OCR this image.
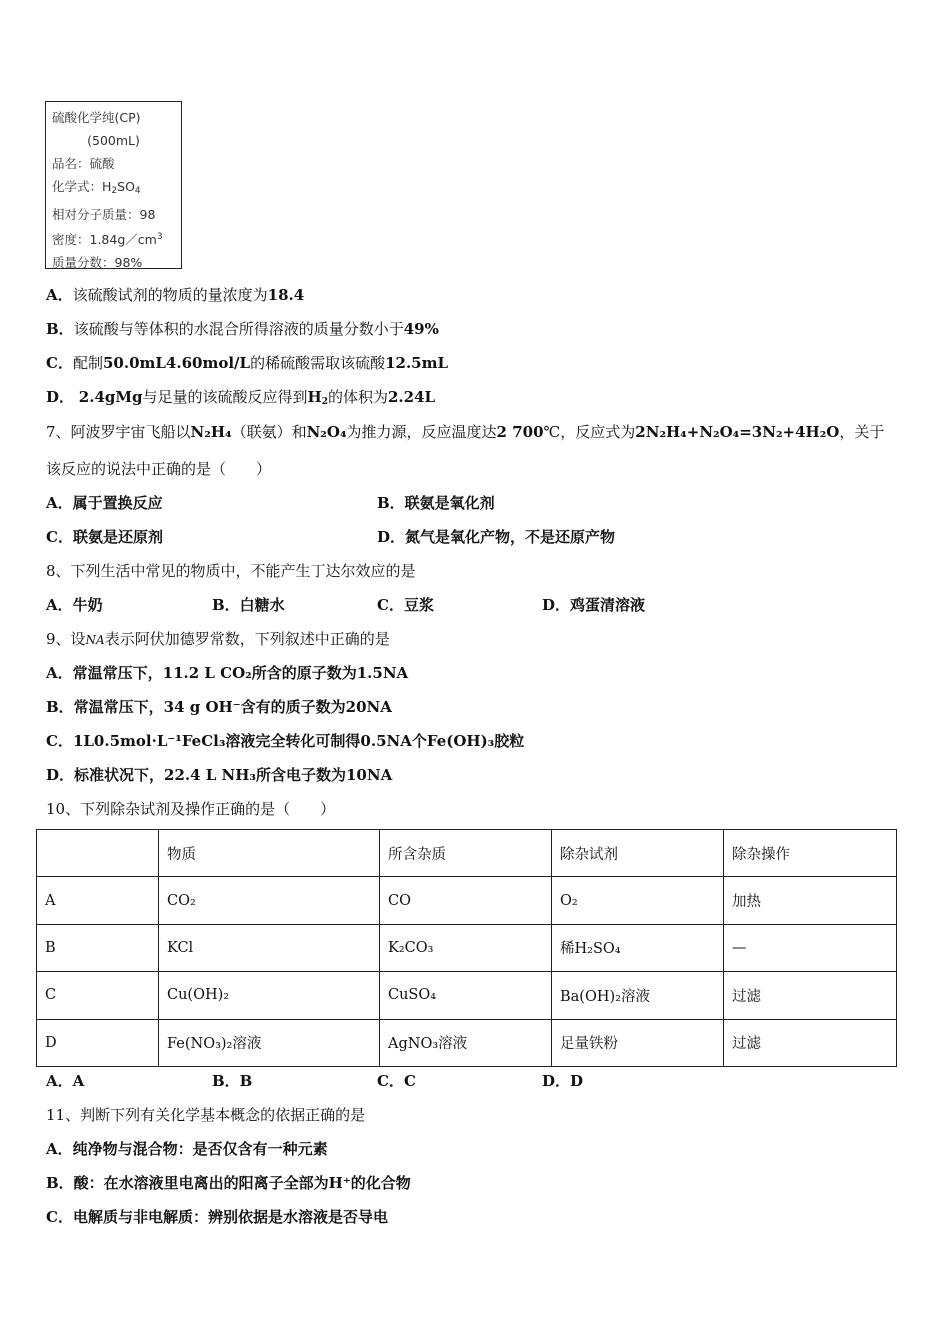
硫酸化学纯(CP)
(500mL)
品名：硫酸
化学式：$H_2SO_4$
相对分子质量：98
密度：$1.84g/cm^3$
质量分数：98%
A．该硫酸试剂的物质的量浓度为18.4
B．该硫酸与等体积的水混合所得溶液的质量分数小于49%
C．配制50.0mL4.60mol/L的稀硫酸需取该硫酸12.5mL
D． 2.4gMg与足量的该硫酸反应得到$H_2$的体积为2.24L
7、阿波罗宇宙飞船以N₂H₄（联氨）和N₂O₄为推力源，反应温度达2 700℃，反应式为2N₂H₄+N₂O₄=3N₂+4H₂O，关于
该反应的说法中正确的是（　　）
A．属于置换反应	B．联氨是氧化剂
C．联氨是还原剂	D．氮气是氧化产物，不是还原产物
8、下列生活中常见的物质中，不能产生丁达尔效应的是
A．牛奶	B．白糖水	C．豆浆	D．鸡蛋清溶液
9、设NA表示阿伏加德罗常数，下列叙述中正确的是
A．常温常压下，11.2 L CO₂所含的原子数为1.5NA
B．常温常压下，34 g OH⁻含有的质子数为20NA
C．1L0.5mol·L⁻¹FeCl₃溶液完全转化可制得0.5NA个Fe(OH)₃胶粒
D．标准状况下，22.4 L NH₃所含电子数为10NA
10、下列除杂试剂及操作正确的是（　　）
	物质	所含杂质	除杂试剂	除杂操作
A	CO₂	CO	O₂	加热
B	KCl	K₂CO₃	稀H₂SO₄	—
C	Cu(OH)₂	CuSO₄	Ba(OH)₂溶液	过滤
D	Fe(NO₃)₂溶液	AgNO₃溶液	足量铁粉	过滤
A．A	B．B	C．C	D．D
11、判断下列有关化学基本概念的依据正确的是
A．纯净物与混合物：是否仅含有一种元素
B．酸：在水溶液里电离出的阳离子全部为H⁺的化合物
C．电解质与非电解质：辨别依据是水溶液是否导电
